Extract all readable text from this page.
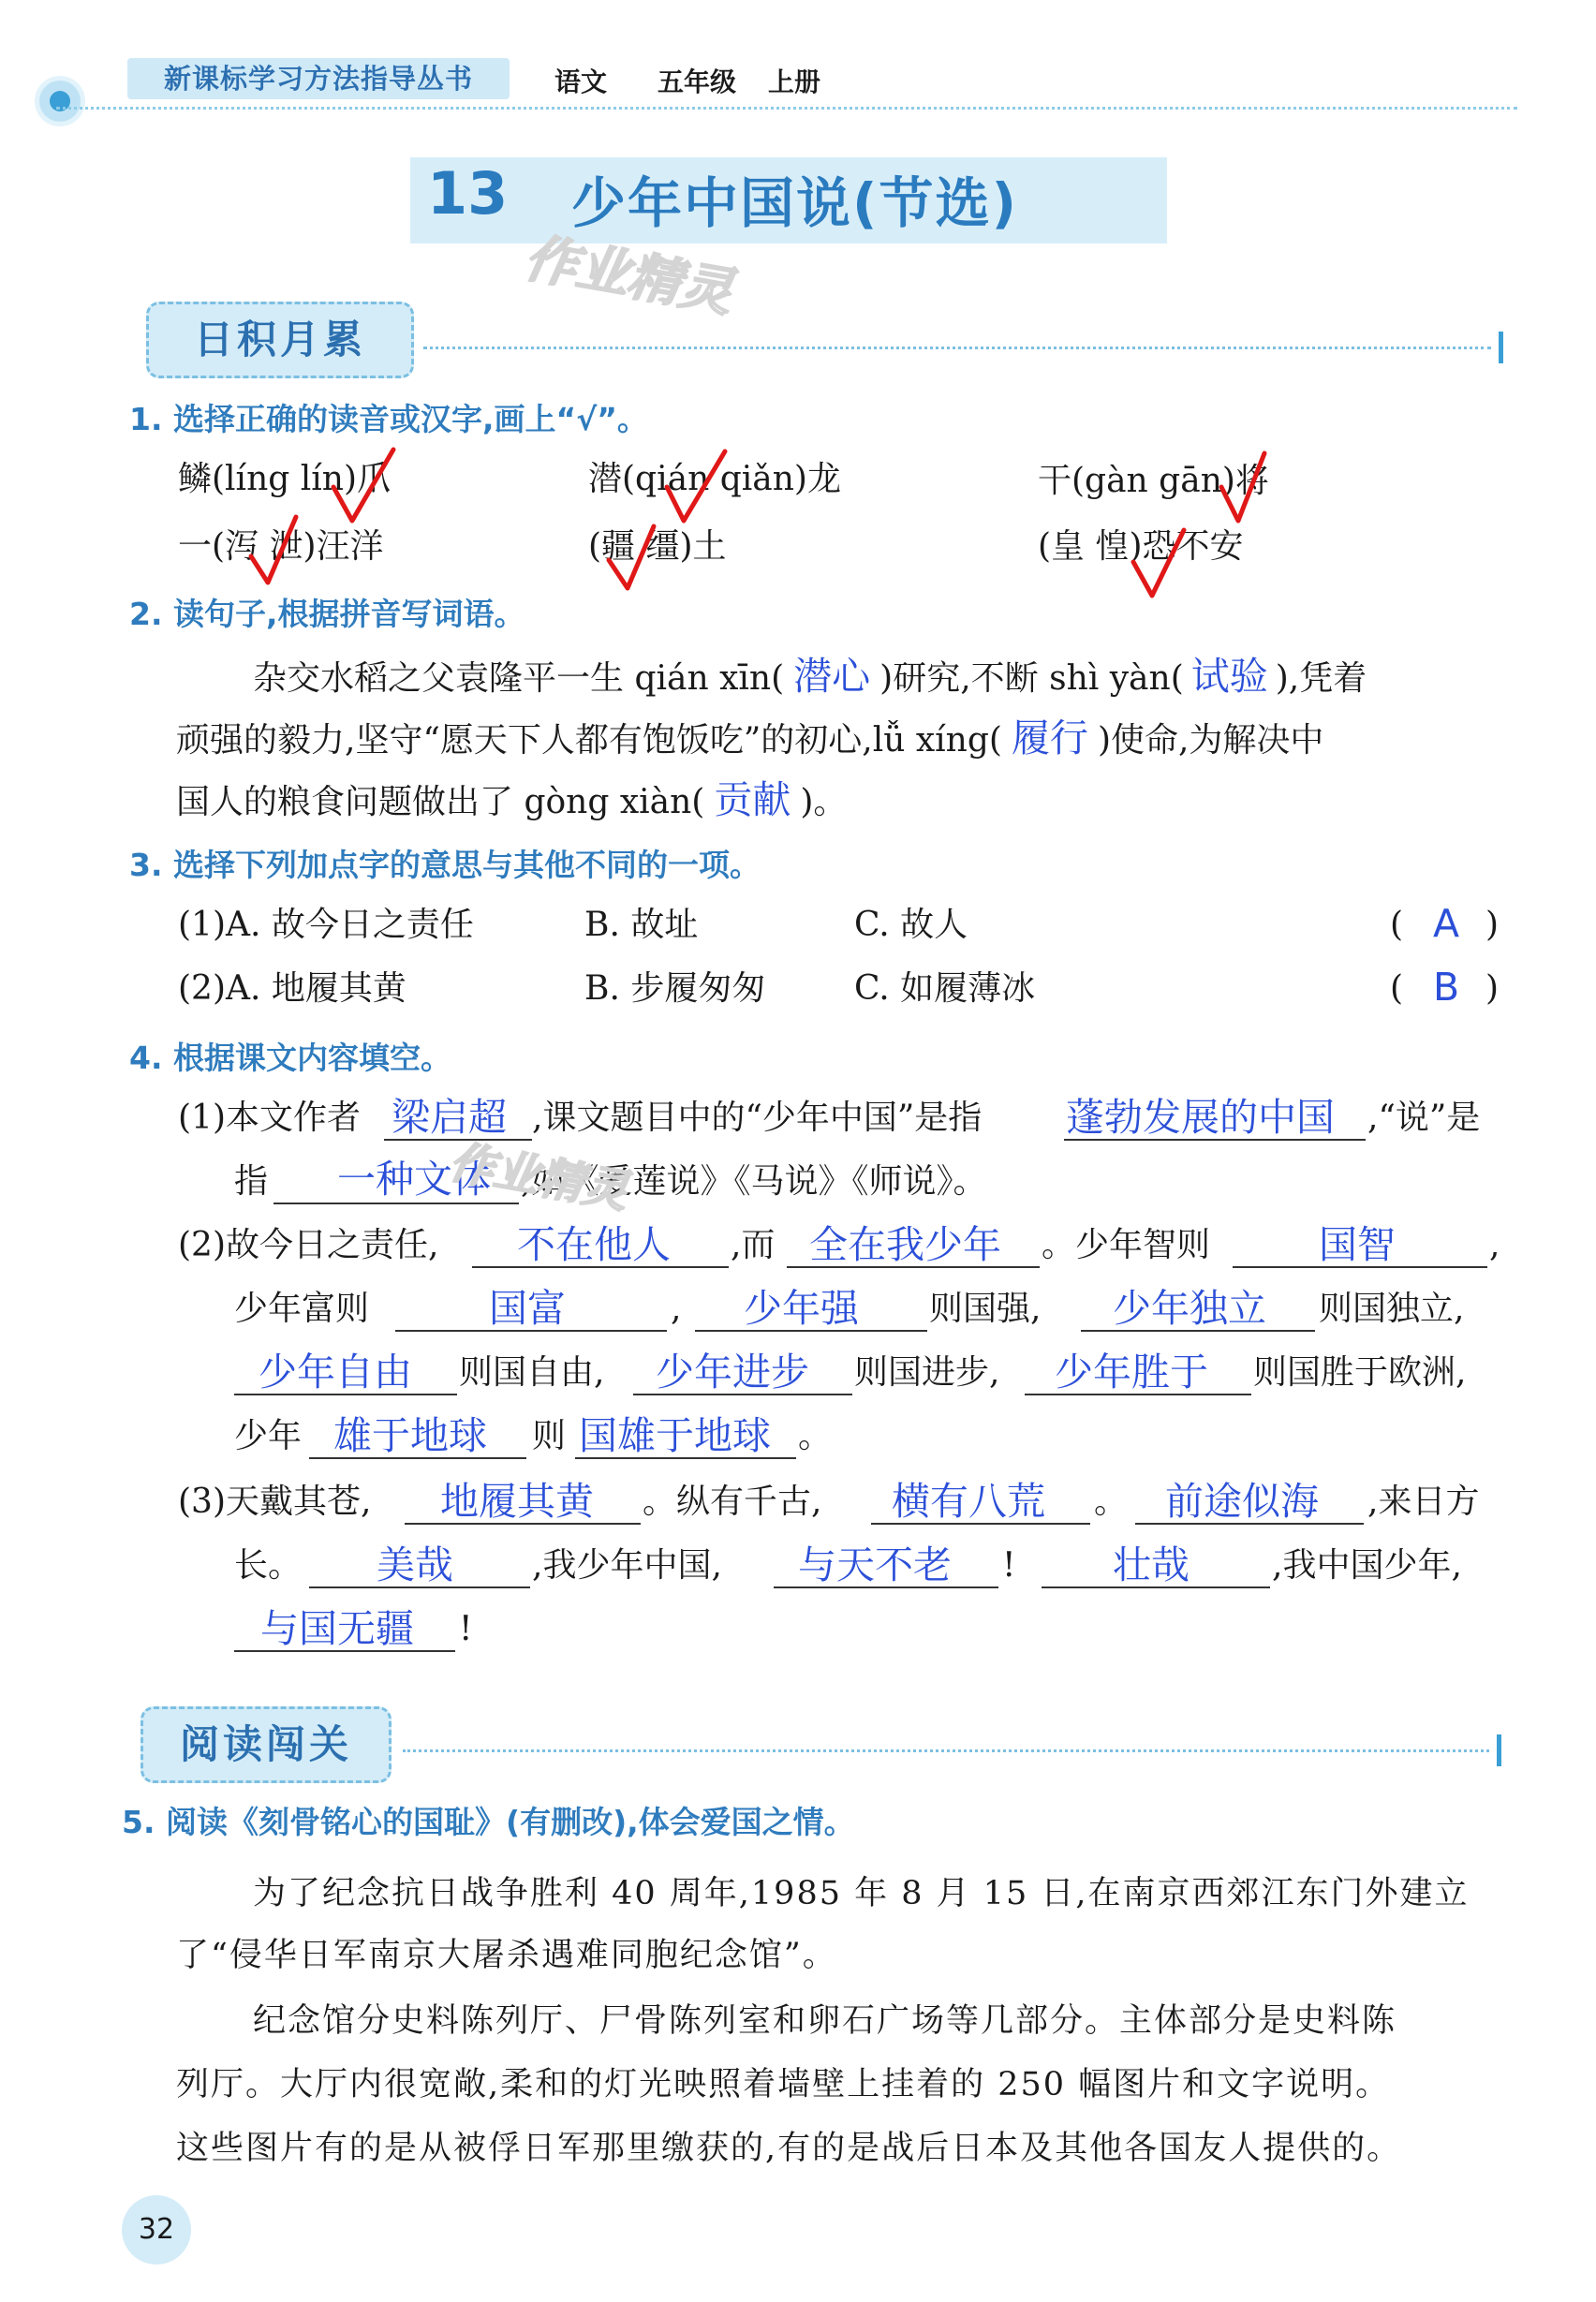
新课标学习方法指导丛书	语文 五年级 上册
13 少年中国说(节选)
作业精灵
日积月累
1. 选择正确的读音或汉字,画上“√”。
鳞(líng lín)爪	潜(qián qiǎn)龙	干(gàn gān)将
一(泻 泄)汪洋	(疆 缰)土	(皇 惶)恐不安
2. 读句子,根据拼音写词语。
杂交水稻之父袁隆平一生 qián xīn( 潜心 )研究,不断 shì yàn( 试验 ),凭着
顽强的毅力,坚守“愿天下人都有饱饭吃”的初心,lǚ xíng( 履行 )使命,为解决中
国人的粮食问题做出了 gòng xiàn( 贡献 )。
3. 选择下列加点字的意思与其他不同的一项。
(1)A. 故今日之责任	B. 故址	C. 故人	( A )
(2)A. 地履其黄	B. 步履匆匆	C. 如履薄冰	( B )
4. 根据课文内容填空。
(1)本文作者 梁启超 ,课文题目中的“少年中国”是指 蓬勃发展的中国 ,“说”是
指 一种文体 ,如《爱莲说》《马说》《师说》。
作业精灵
(2)故今日之责任, 不在他人 ,而 全在我少年 。少年智则	国智	,
少年富则	国富	, 少年强 则国强, 少年独立 则国独立,
少年自由 则国自由, 少年进步 则国进步, 少年胜于 则国胜于欧洲,
少年 雄于地球 则 国雄于地球 。
(3)天戴其苍, 地履其黄 。纵有千古, 横有八荒 。 前途似海 ,来日方
长。 美哉 ,我少年中国, 与天不老 !	壮哉 ,我中国少年,
与国无疆 !
阅读闯关
5. 阅读《刻骨铭心的国耻》(有删改),体会爱国之情。
为了纪念抗日战争胜利 40 周年,1985 年 8 月 15 日,在南京西郊江东门外建立
了“侵华日军南京大屠杀遇难同胞纪念馆”。
纪念馆分史料陈列厅、尸骨陈列室和卵石广场等几部分。主体部分是史料陈
列厅。大厅内很宽敞,柔和的灯光映照着墙壁上挂着的 250 幅图片和文字说明。
这些图片有的是从被俘日军那里缴获的,有的是战后日本及其他各国友人提供的。
32
